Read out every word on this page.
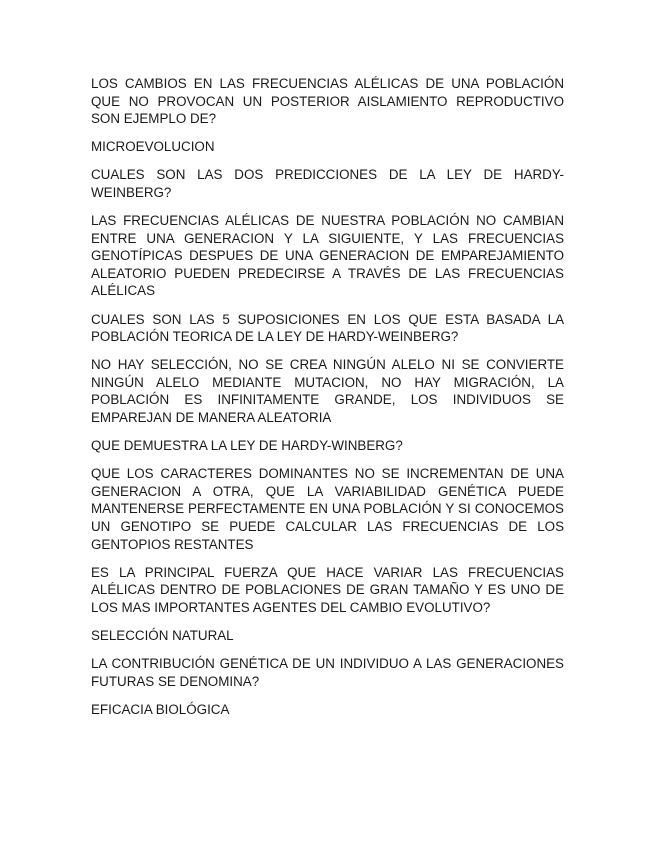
LOS CAMBIOS EN LAS FRECUENCIAS ALÉLICAS DE UNA POBLACIÓN QUE NO PROVOCAN UN POSTERIOR AISLAMIENTO REPRODUCTIVO SON EJEMPLO DE?

MICROEVOLUCION

CUALES SON LAS DOS PREDICCIONES DE LA LEY DE HARDY-WEINBERG?

LAS FRECUENCIAS ALÉLICAS DE NUESTRA POBLACIÓN NO CAMBIAN ENTRE UNA GENERACION Y LA SIGUIENTE, Y LAS FRECUENCIAS GENOTÍPICAS DESPUES DE UNA GENERACION DE EMPAREJAMIENTO ALEATORIO PUEDEN PREDECIRSE A TRAVÉS DE LAS FRECUENCIAS ALÉLICAS

CUALES SON LAS 5 SUPOSICIONES EN LOS QUE ESTA BASADA LA POBLACIÓN TEORICA DE LA LEY DE HARDY-WEINBERG?

NO HAY SELECCIÓN, NO SE CREA NINGÚN ALELO NI SE CONVIERTE NINGÚN ALELO MEDIANTE MUTACION, NO HAY MIGRACIÓN, LA POBLACIÓN ES INFINITAMENTE GRANDE, LOS INDIVIDUOS SE EMPAREJAN DE MANERA ALEATORIA

QUE DEMUESTRA LA LEY DE HARDY-WINBERG?

QUE LOS CARACTERES DOMINANTES NO SE INCREMENTAN DE UNA GENERACION A OTRA, QUE LA VARIABILIDAD GENÉTICA PUEDE MANTENERSE PERFECTAMENTE EN UNA POBLACIÓN Y SI CONOCEMOS UN GENOTIPO SE PUEDE CALCULAR LAS FRECUENCIAS DE LOS GENTOPIOS RESTANTES

ES LA PRINCIPAL FUERZA QUE HACE VARIAR LAS FRECUENCIAS ALÉLICAS DENTRO DE POBLACIONES DE GRAN TAMAÑO Y ES UNO DE LOS MAS IMPORTANTES AGENTES DEL CAMBIO EVOLUTIVO?

SELECCIÓN NATURAL

LA CONTRIBUCIÓN GENÉTICA DE UN INDIVIDUO A LAS GENERACIONES FUTURAS SE DENOMINA?

EFICACIA BIOLÓGICA
